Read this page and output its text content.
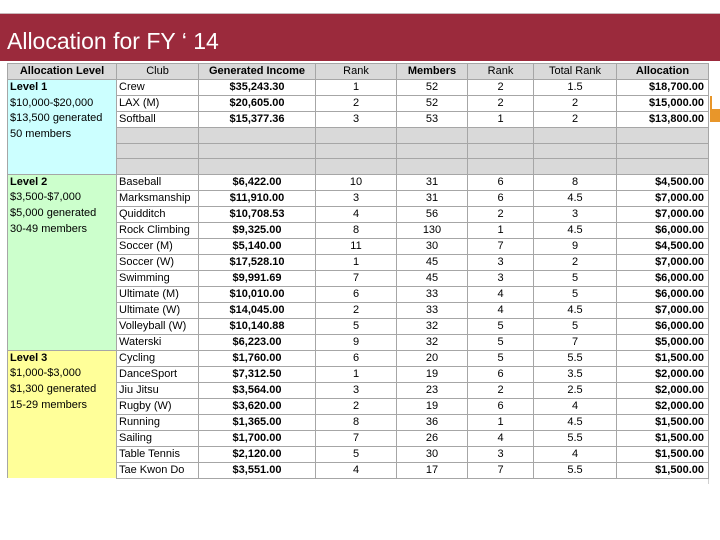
Allocation for FY ‘ 14
Allocation Level	Club	Generated Income	Rank	Members	Rank	Total Rank	Allocation

Level 1
$10,000-$20,000
$13,500 generated
50 members	Crew	$35,243.30	1	52	2	1.5	$18,700.00
	LAX (M)	$20,605.00	2	52	2	2	$15,000.00
	Softball	$15,377.36	3	53	1	2	$13,800.00

Level 2
$3,500-$7,000
$5,000 generated
30-49 members	Baseball	$6,422.00	10	31	6	8	$4,500.00
	Marksmanship	$11,910.00	3	31	6	4.5	$7,000.00
	Quidditch	$10,708.53	4	56	2	3	$7,000.00
	Rock Climbing	$9,325.00	8	130	1	4.5	$6,000.00
	Soccer (M)	$5,140.00	11	30	7	9	$4,500.00
	Soccer (W)	$17,528.10	1	45	3	2	$7,000.00
	Swimming	$9,991.69	7	45	3	5	$6,000.00
	Ultimate (M)	$10,010.00	6	33	4	5	$6,000.00
	Ultimate (W)	$14,045.00	2	33	4	4.5	$7,000.00
	Volleyball (W)	$10,140.88	5	32	5	5	$6,000.00
	Waterski	$6,223.00	9	32	5	7	$5,000.00

Level 3
$1,000-$3,000
$1,300 generated
15-29 members	Cycling	$1,760.00	6	20	5	5.5	$1,500.00
	DanceSport	$7,312.50	1	19	6	3.5	$2,000.00
	Jiu Jitsu	$3,564.00	3	23	2	2.5	$2,000.00
	Rugby (W)	$3,620.00	2	19	6	4	$2,000.00
	Running	$1,365.00	8	36	1	4.5	$1,500.00
	Sailing	$1,700.00	7	26	4	5.5	$1,500.00
	Table Tennis	$2,120.00	5	30	3	4	$1,500.00
	Tae Kwon Do	$3,551.00	4	17	7	5.5	$1,500.00
